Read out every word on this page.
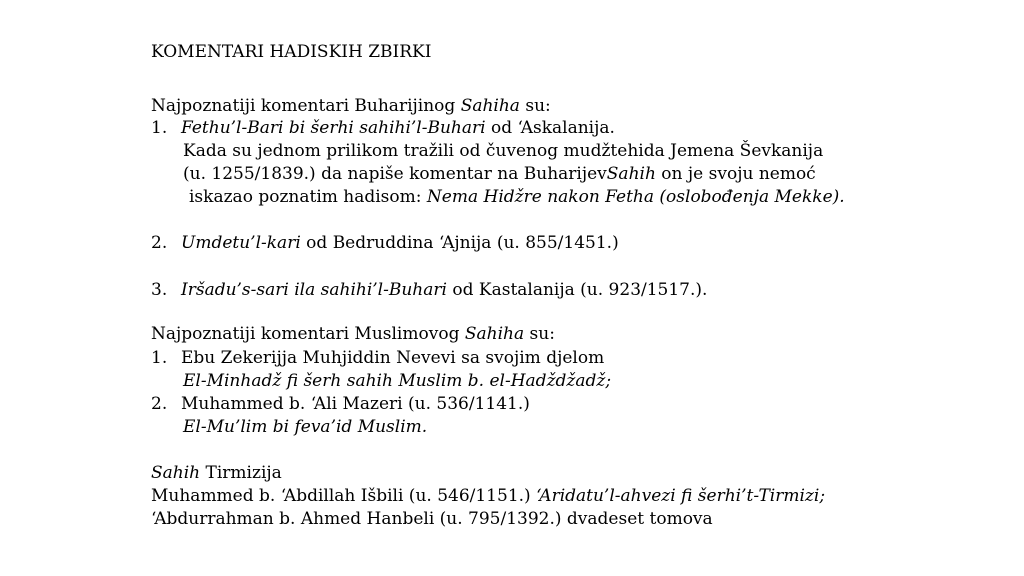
KOMENTARI HADISKIH ZBIRKI
Najpoznatiji komentari Buharijinog Sahiha su:
1. Fethu’l-Bari bi šerhi sahihi’l-Buhari od ‘Askalanija.
Kada su jednom prilikom tražili od čuvenog mudžtehida Jemena Ševkanija
(u. 1255/1839.) da napiše komentar na BuharijevSahih on je svoju nemoć
iskazao poznatim hadisom: Nema Hidžre nakon Fetha (oslobođenja Mekke).
2. Umdetu’l-kari od Bedruddina ‘Ajnija (u. 855/1451.)
3. Iršadu’s-sari ila sahihi’l-Buhari od Kastalanija (u. 923/1517.).
Najpoznatiji komentari Muslimovog Sahiha su:
1. Ebu Zekerijja Muhjiddin Nevevi sa svojim djelom
El-Minhadž fi šerh sahih Muslim b. el-Hadždžadž;
2. Muhammed b. ‘Ali Mazeri (u. 536/1141.)
El-Mu’lim bi feva’id Muslim.
Sahih Tirmizija
Muhammed b. ‘Abdillah Išbili (u. 546/1151.) ‘Aridatu’l-ahvezi fi šerhi’t-Tirmizi;
‘Abdurrahman b. Ahmed Hanbeli (u. 795/1392.) dvadeset tomova
